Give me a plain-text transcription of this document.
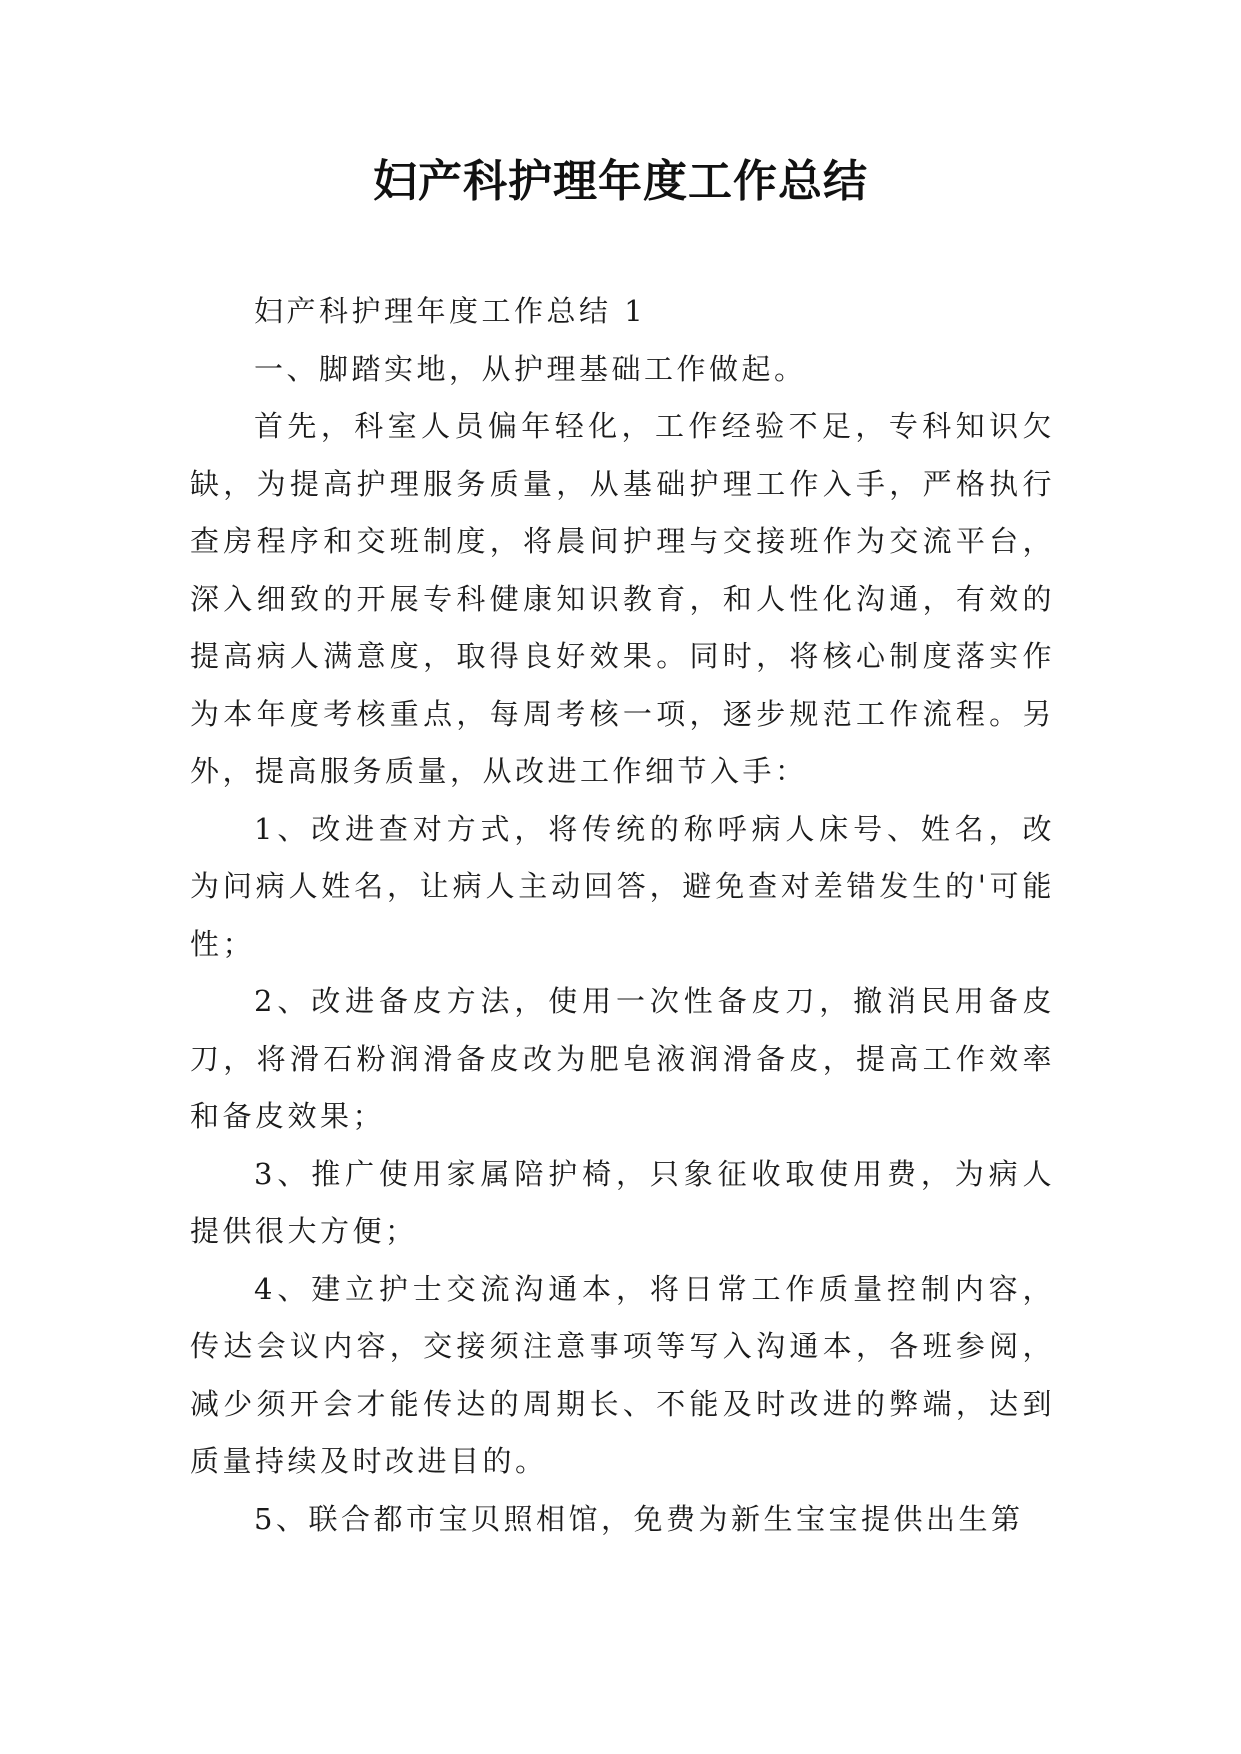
妇产科护理年度工作总结

妇产科护理年度工作总结 1

一、脚踏实地，从护理基础工作做起。

首先，科室人员偏年轻化，工作经验不足，专科知识欠缺，为提高护理服务质量，从基础护理工作入手，严格执行查房程序和交班制度，将晨间护理与交接班作为交流平台，深入细致的开展专科健康知识教育，和人性化沟通，有效的提高病人满意度，取得良好效果。同时，将核心制度落实作为本年度考核重点，每周考核一项，逐步规范工作流程。另外，提高服务质量，从改进工作细节入手：

1、改进查对方式，将传统的称呼病人床号、姓名，改为问病人姓名，让病人主动回答，避免查对差错发生的'可能性；

2、改进备皮方法，使用一次性备皮刀，撤消民用备皮刀，将滑石粉润滑备皮改为肥皂液润滑备皮，提高工作效率和备皮效果；

3、推广使用家属陪护椅，只象征收取使用费，为病人提供很大方便；

4、建立护士交流沟通本，将日常工作质量控制内容，传达会议内容，交接须注意事项等写入沟通本，各班参阅，减少须开会才能传达的周期长、不能及时改进的弊端，达到质量持续及时改进目的。

5、联合都市宝贝照相馆，免费为新生宝宝提供出生第
